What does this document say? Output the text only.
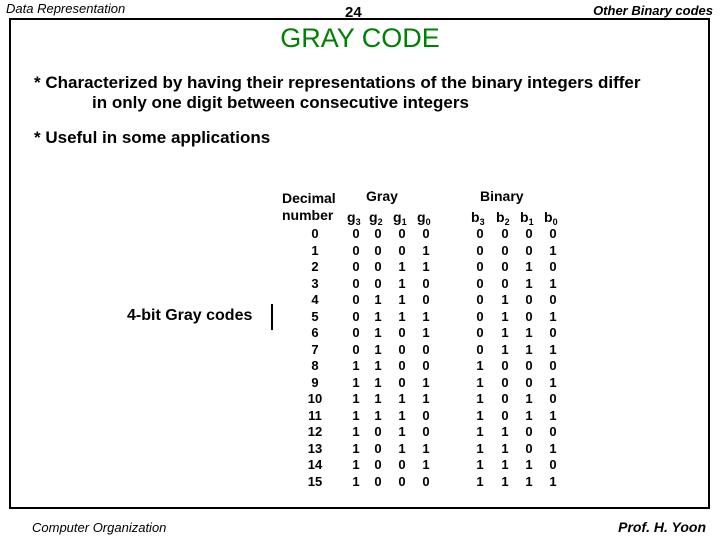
Data Representation	24	Other Binary codes
GRAY CODE
* Characterized by having their representations of the binary integers differ
in only one digit between consecutive integers
* Useful in some applications
4-bit Gray codes
Decimal
number
Gray	Binary
$g_3$ $g_2$ $g_1$ $g_0$	$b_3$ $b_2$ $b_1$ $b_0$
0	0	0	0	0	0	0	0	0
1	0	0	0	1	0	0	0	1
2	0	0	1	1	0	0	1	0
3	0	0	1	0	0	0	1	1
4	0	1	1	0	0	1	0	0
5	0	1	1	1	0	1	0	1
6	0	1	0	1	0	1	1	0
7	0	1	0	0	0	1	1	1
8	1	1	0	0	1	0	0	0
9	1	1	0	1	1	0	0	1
10	1	1	1	1	1	0	1	0
11	1	1	1	0	1	0	1	1
12	1	0	1	0	1	1	0	0
13	1	0	1	1	1	1	0	1
14	1	0	0	1	1	1	1	0
15	1	0	0	0	1	1	1	1
Computer Organization	Prof. H. Yoon
